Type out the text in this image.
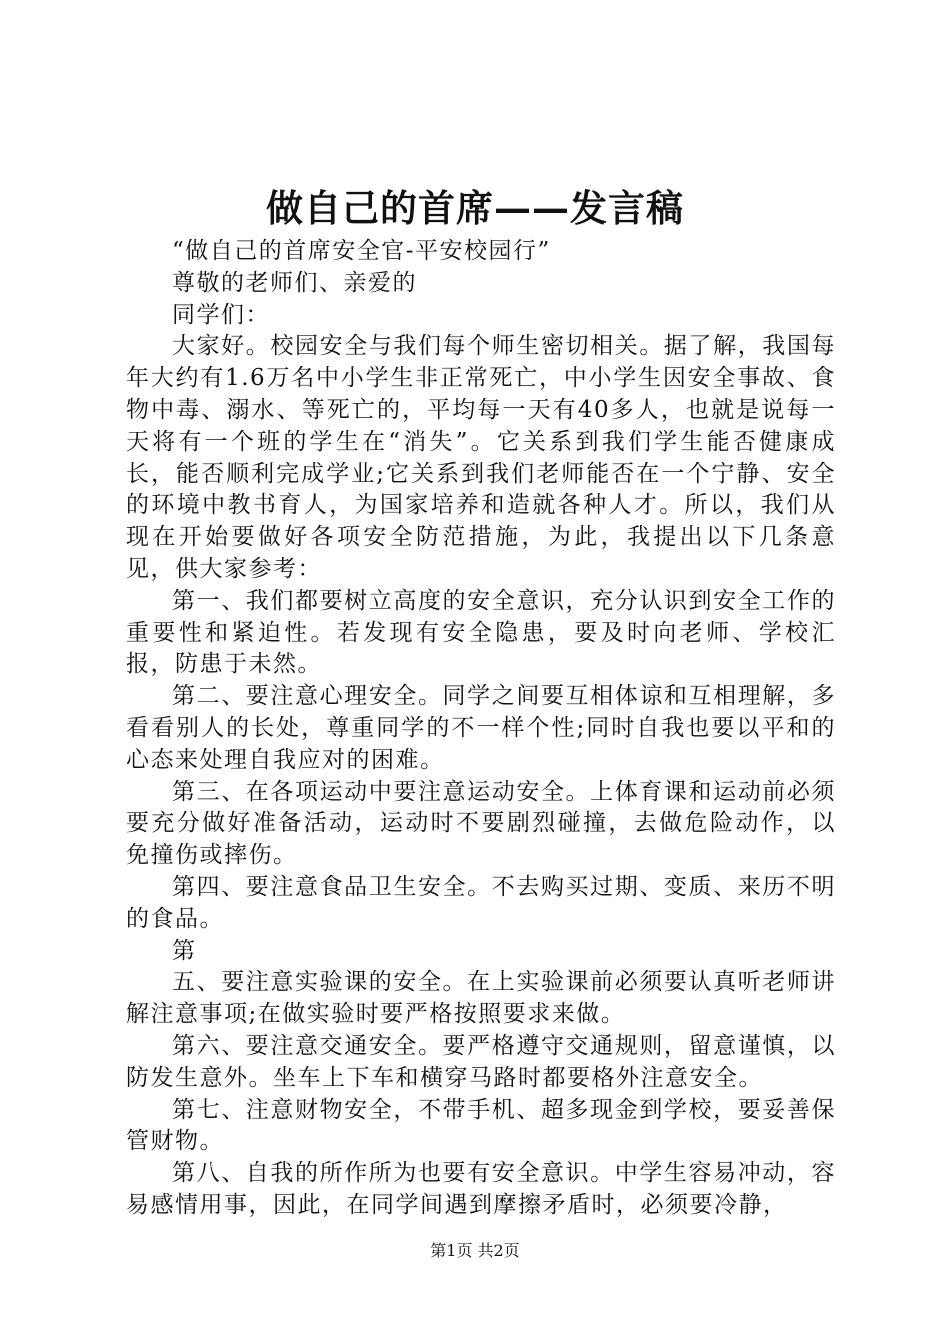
做自己的首席——发言稿

“做自己的首席安全官-平安校园行”

尊敬的老师们、亲爱的

同学们：

大家好。校园安全与我们每个师生密切相关。据了解，我国每年大约有1.6万名中小学生非正常死亡，中小学生因安全事故、食物中毒、溺水、等死亡的，平均每一天有40多人，也就是说每一天将有一个班的学生在“消失”。它关系到我们学生能否健康成长，能否顺利完成学业;它关系到我们老师能否在一个宁静、安全的环境中教书育人，为国家培养和造就各种人才。所以，我们从现在开始要做好各项安全防范措施，为此，我提出以下几条意见，供大家参考：

第一、我们都要树立高度的安全意识，充分认识到安全工作的重要性和紧迫性。若发现有安全隐患，要及时向老师、学校汇报，防患于未然。

第二、要注意心理安全。同学之间要互相体谅和互相理解，多看看别人的长处，尊重同学的不一样个性;同时自我也要以平和的心态来处理自我应对的困难。

第三、在各项运动中要注意运动安全。上体育课和运动前必须要充分做好准备活动，运动时不要剧烈碰撞，去做危险动作，以免撞伤或摔伤。

第四、要注意食品卫生安全。不去购买过期、变质、来历不明的食品。

第

五、要注意实验课的安全。在上实验课前必须要认真听老师讲解注意事项;在做实验时要严格按照要求来做。

第六、要注意交通安全。要严格遵守交通规则，留意谨慎，以防发生意外。坐车上下车和横穿马路时都要格外注意安全。

第七、注意财物安全，不带手机、超多现金到学校，要妥善保管财物。

第八、自我的所作所为也要有安全意识。中学生容易冲动，容易感情用事，因此，在同学间遇到摩擦矛盾时，必须要冷静，

第1页 共2页
